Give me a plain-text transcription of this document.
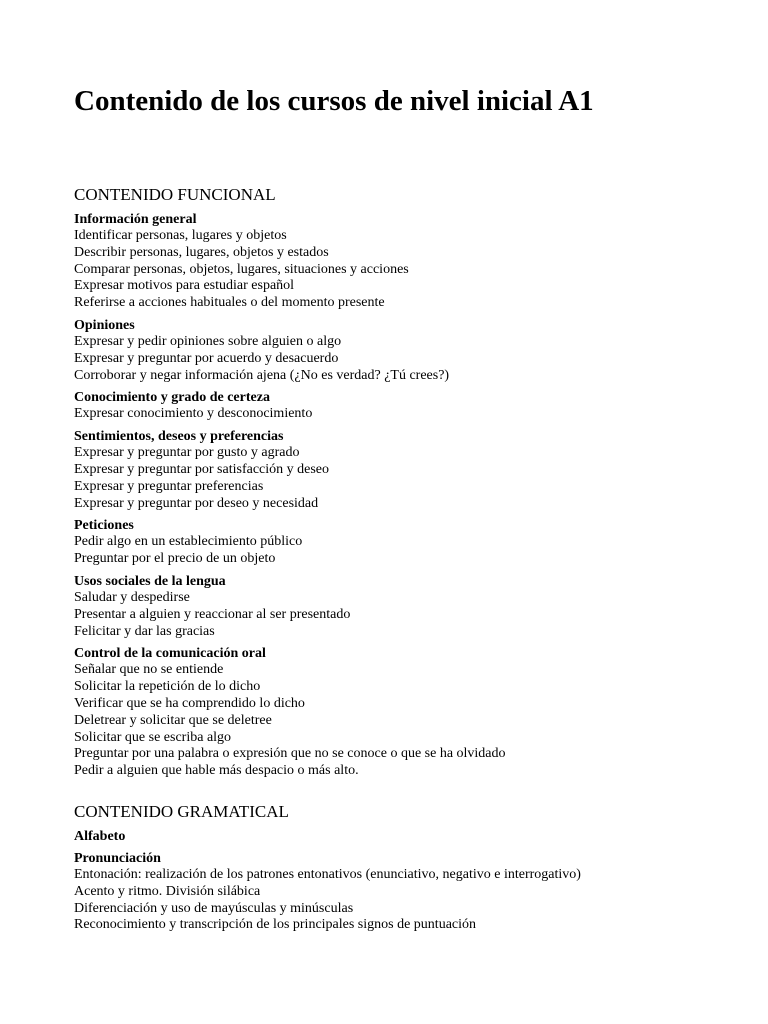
Contenido de los cursos de nivel inicial A1
CONTENIDO FUNCIONAL
Información general

Identificar personas, lugares y objetos

Describir personas, lugares, objetos y estados

Comparar personas, objetos, lugares, situaciones y acciones

Expresar motivos para estudiar español

Referirse a acciones habituales o del momento presente

Opiniones

Expresar y pedir opiniones sobre alguien o algo

Expresar y preguntar por acuerdo y desacuerdo

Corroborar y negar información ajena (¿No es verdad? ¿Tú crees?)

Conocimiento y grado de certeza

Expresar conocimiento y desconocimiento

Sentimientos, deseos y preferencias

Expresar y preguntar por gusto y agrado

Expresar y preguntar por satisfacción y deseo

Expresar y preguntar preferencias

Expresar y preguntar por deseo y necesidad

Peticiones

Pedir algo en un establecimiento público

Preguntar por el precio de un objeto

Usos sociales de la lengua

Saludar y despedirse

Presentar a alguien y reaccionar al ser presentado

Felicitar y dar las gracias

Control de la comunicación oral

Señalar que no se entiende

Solicitar la repetición de lo dicho

Verificar que se ha comprendido lo dicho

Deletrear y solicitar que se deletree

Solicitar que se escriba algo

Preguntar por una palabra o expresión que no se conoce o que se ha olvidado

Pedir a alguien que hable más despacio o más alto.

CONTENIDO GRAMATICAL
Alfabeto
Pronunciación

Entonación: realización de los patrones entonativos (enunciativo, negativo e interrogativo)

Acento y ritmo. División silábica

Diferenciación y uso de mayúsculas y minúsculas

Reconocimiento y transcripción de los principales signos de puntuación
